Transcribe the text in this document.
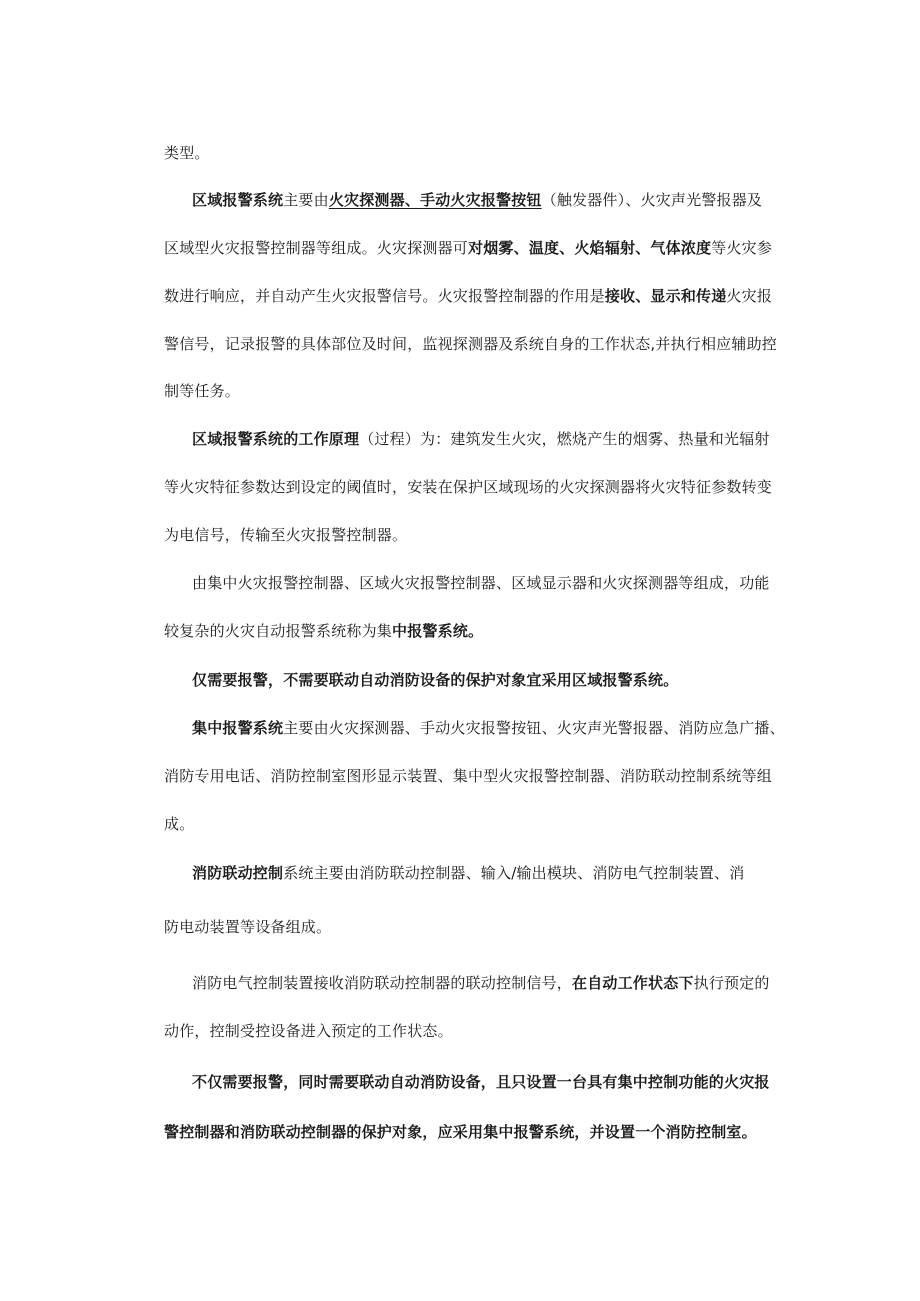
类型。
区域报警系统主要由火灾探测器、手动火灾报警按钮（触发器件）、火灾声光警报器及
区域型火灾报警控制器等组成。火灾探测器可对烟雾、温度、火焰辐射、气体浓度等火灾参
数进行响应，并自动产生火灾报警信号。火灾报警控制器的作用是接收、显示和传递火灾报
警信号，记录报警的具体部位及时间，监视探测器及系统自身的工作状态,并执行相应辅助控
制等任务。
区域报警系统的工作原理（过程）为：建筑发生火灾，燃烧产生的烟雾、热量和光辐射
等火灾特征参数达到设定的阈值时，安装在保护区域现场的火灾探测器将火灾特征参数转变
为电信号，传输至火灾报警控制器。
由集中火灾报警控制器、区域火灾报警控制器、区域显示器和火灾探测器等组成，功能
较复杂的火灾自动报警系统称为集中报警系统。
仅需要报警，不需要联动自动消防设备的保护对象宜采用区域报警系统。
集中报警系统主要由火灾探测器、手动火灾报警按钮、火灾声光警报器、消防应急广播、
消防专用电话、消防控制室图形显示装置、集中型火灾报警控制器、消防联动控制系统等组
成。
消防联动控制系统主要由消防联动控制器、输入/输出模块、消防电气控制装置、消
防电动装置等设备组成。
消防电气控制装置接收消防联动控制器的联动控制信号，在自动工作状态下执行预定的
动作，控制受控设备进入预定的工作状态。
不仅需要报警，同时需要联动自动消防设备，且只设置一台具有集中控制功能的火灾报
警控制器和消防联动控制器的保护对象，应采用集中报警系统，并设置一个消防控制室。
